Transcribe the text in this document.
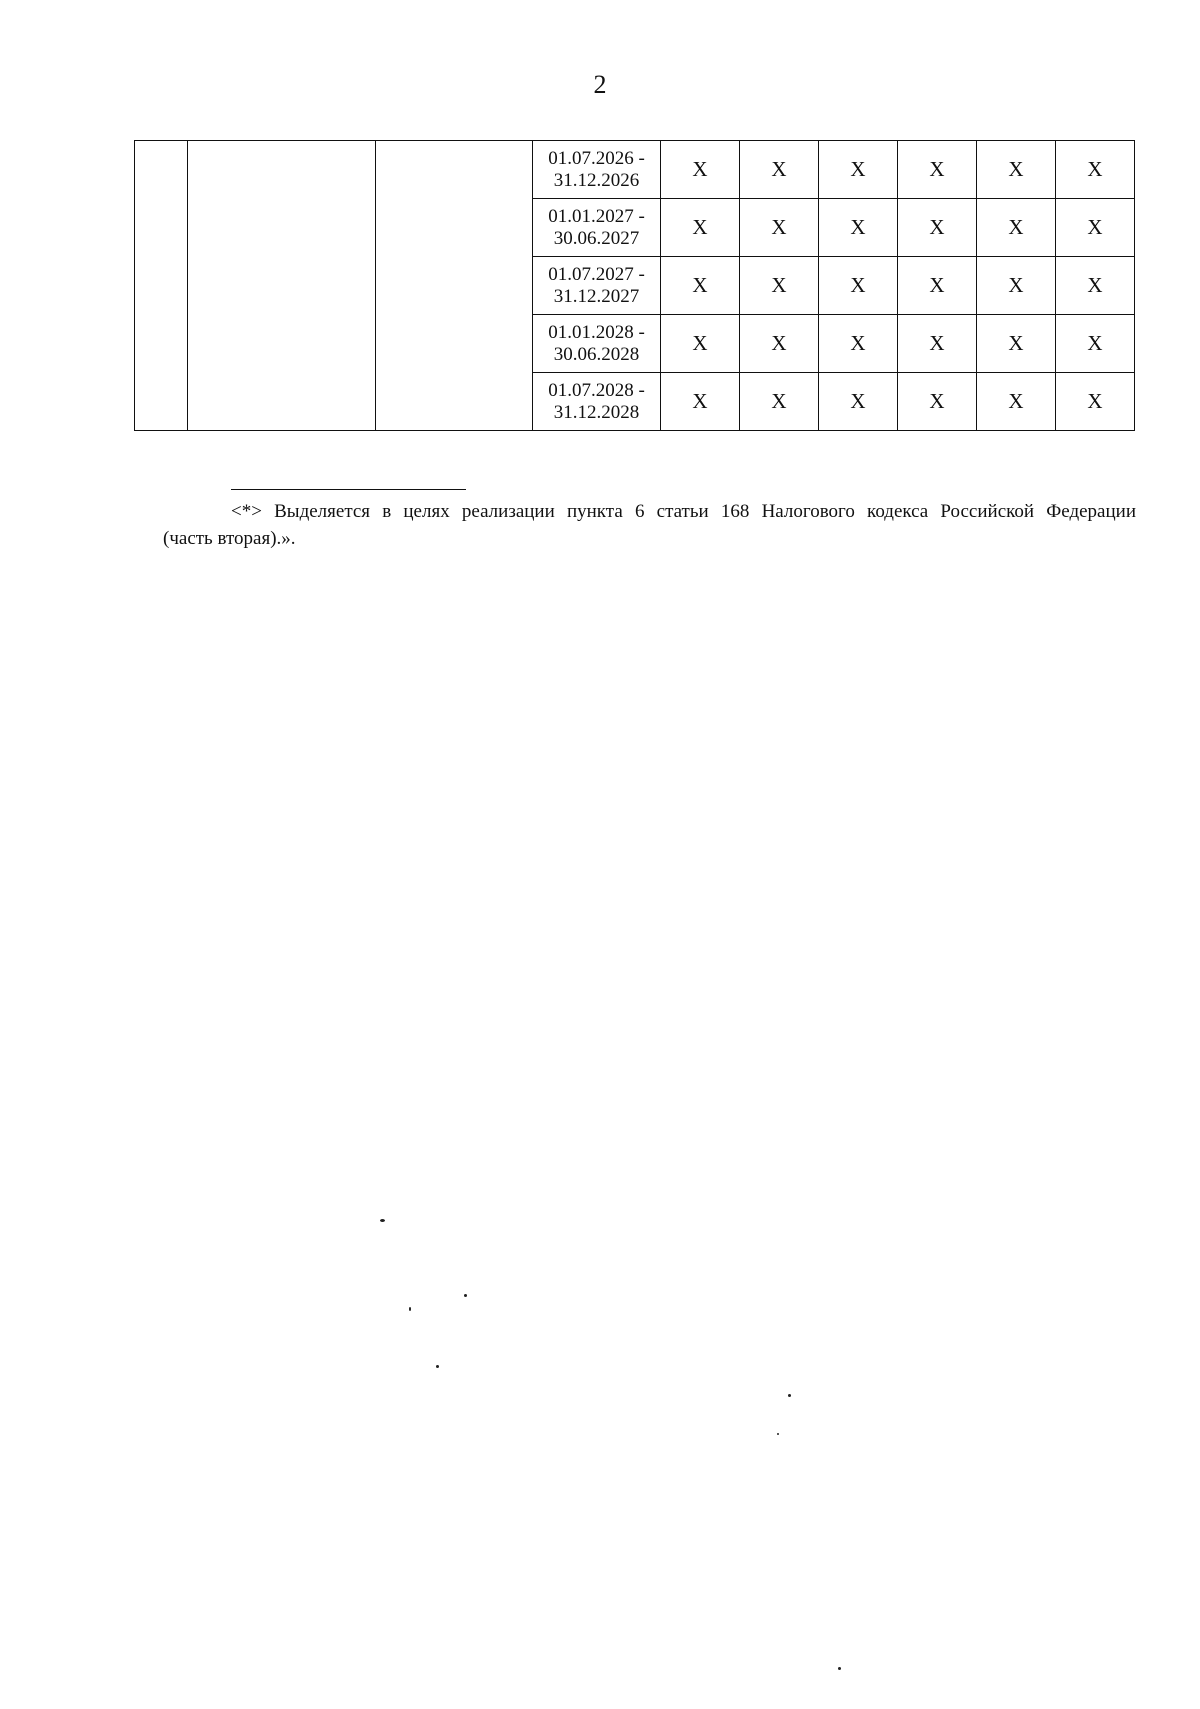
2

			01.07.2026 -
31.12.2026	X	X	X	X	X	X

			01.01.2027 -
30.06.2027	X	X	X	X	X	X

			01.07.2027 -
31.12.2027	X	X	X	X	X	X

			01.01.2028 -
30.06.2028	X	X	X	X	X	X

			01.07.2028 -
31.12.2028	X	X	X	X	X	X
<*> Выделяется в целях реализации пункта 6 статьи 168 Налогового кодекса Российской Федерации
(часть вторая).».
